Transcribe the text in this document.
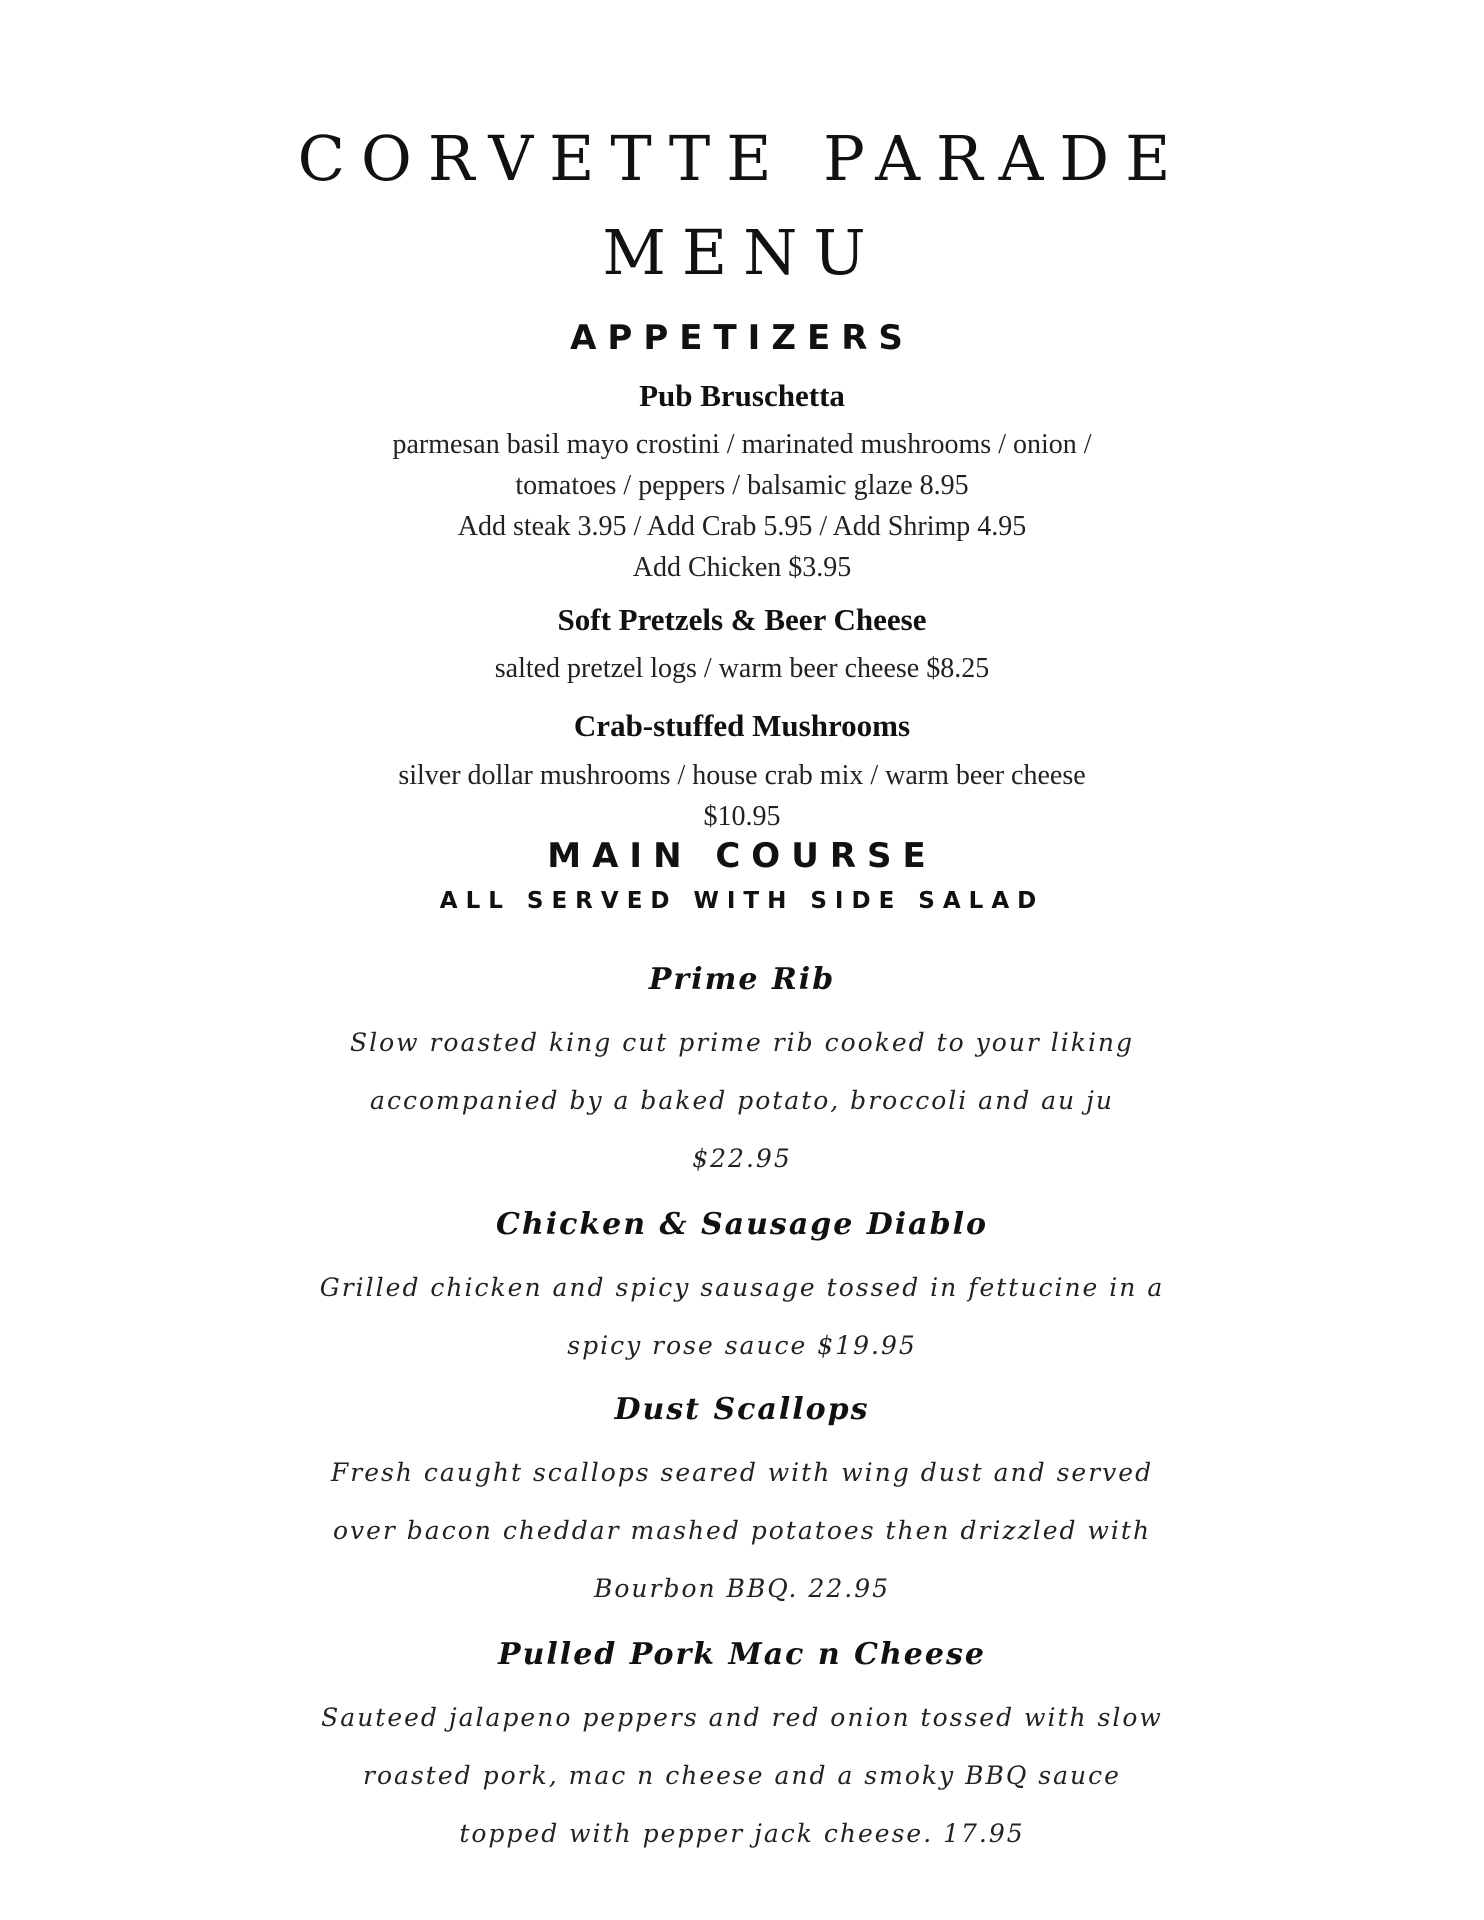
CORVETTE PARADE
MENU
APPETIZERS
Pub Bruschetta
parmesan basil mayo crostini / marinated mushrooms / onion /
tomatoes / peppers / balsamic glaze 8.95
Add steak 3.95 / Add Crab 5.95 / Add Shrimp 4.95
Add Chicken $3.95
Soft Pretzels & Beer Cheese
salted pretzel logs / warm beer cheese $8.25
Crab-stuffed Mushrooms
silver dollar mushrooms / house crab mix / warm beer cheese
$10.95
MAIN COURSE
ALL SERVED WITH SIDE SALAD
Prime Rib
Slow roasted king cut prime rib cooked to your liking
accompanied by a baked potato, broccoli and au ju
$22.95
Chicken & Sausage Diablo
Grilled chicken and spicy sausage tossed in fettucine in a
spicy rose sauce $19.95
Dust Scallops
Fresh caught scallops seared with wing dust and served
over bacon cheddar mashed potatoes then drizzled with
Bourbon BBQ. 22.95
Pulled Pork Mac n Cheese
Sauteed jalapeno peppers and red onion tossed with slow
roasted pork, mac n cheese and a smoky BBQ sauce
topped with pepper jack cheese. 17.95
